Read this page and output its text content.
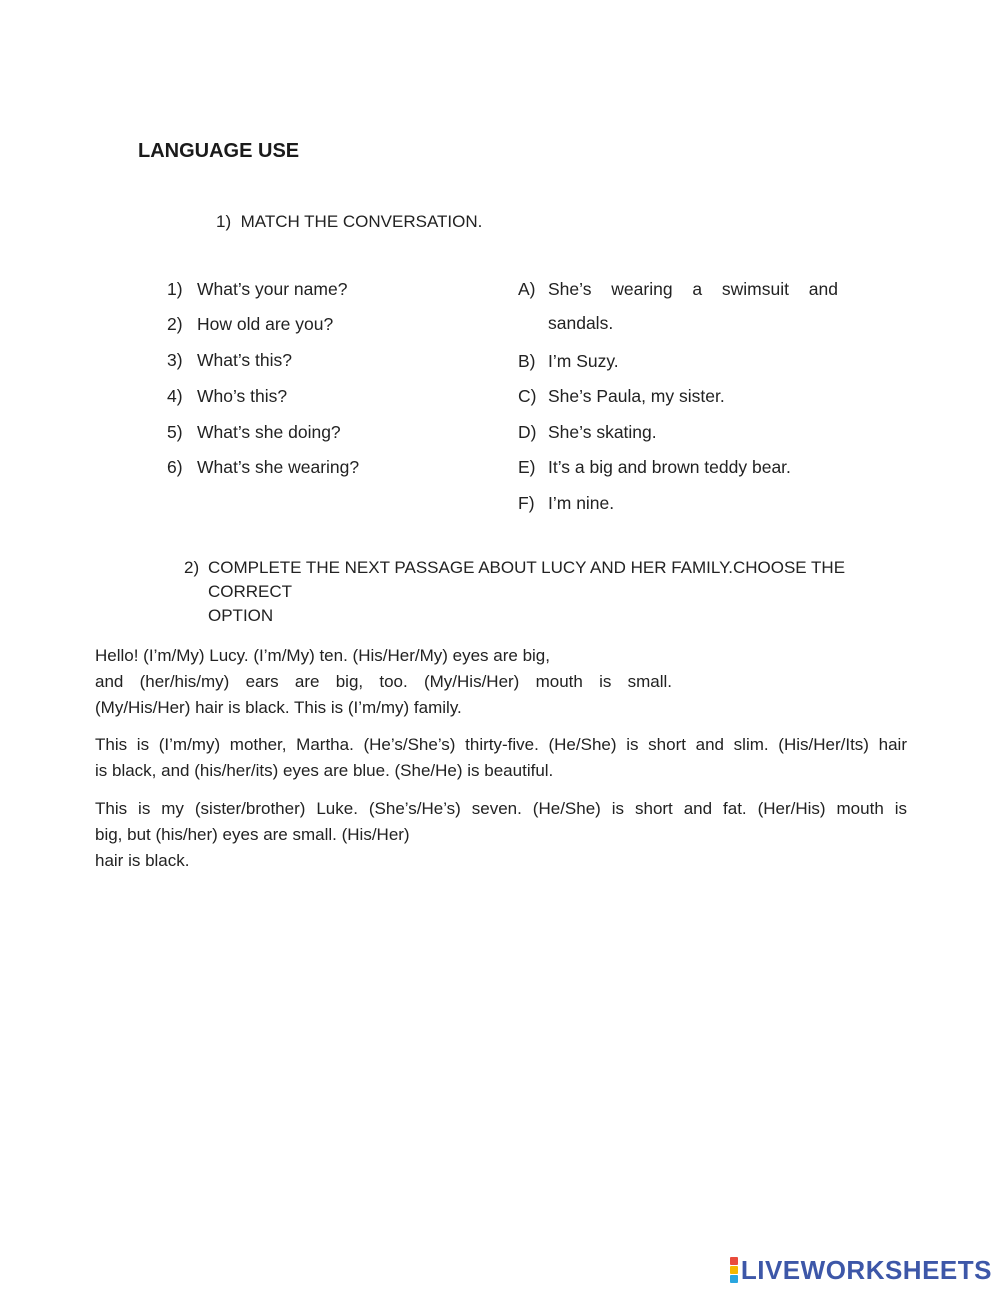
LANGUAGE USE
1) MATCH THE CONVERSATION.
1) What’s your name?
2) How old are you?
3) What’s this?
4) Who’s this?
5) What’s she doing?
6) What’s she wearing?
A) She’s wearing a swimsuit and
sandals.
B) I’m Suzy.
C) She’s Paula, my sister.
D) She’s skating.
E) It’s a big and brown teddy bear.
F) I’m nine.
2) COMPLETE THE NEXT PASSAGE ABOUT LUCY AND HER FAMILY.CHOOSE THE CORRECT
OPTION
Hello! (I’m/My) Lucy. (I’m/My) ten. (His/Her/My) eyes are big,
and (her/his/my) ears are big, too. (My/His/Her) mouth is small.
(My/His/Her) hair is black. This is (I’m/my) family.
This is (I’m/my) mother, Martha. (He’s/She’s) thirty-five. (He/She) is short and slim. (His/Her/Its) hair
is black, and (his/her/its) eyes are blue. (She/He) is beautiful.
This is my (sister/brother) Luke. (She’s/He’s) seven. (He/She) is short and fat. (Her/His) mouth is
big, but (his/her) eyes are small. (His/Her)
hair is black.
LIVEWORKSHEETS
